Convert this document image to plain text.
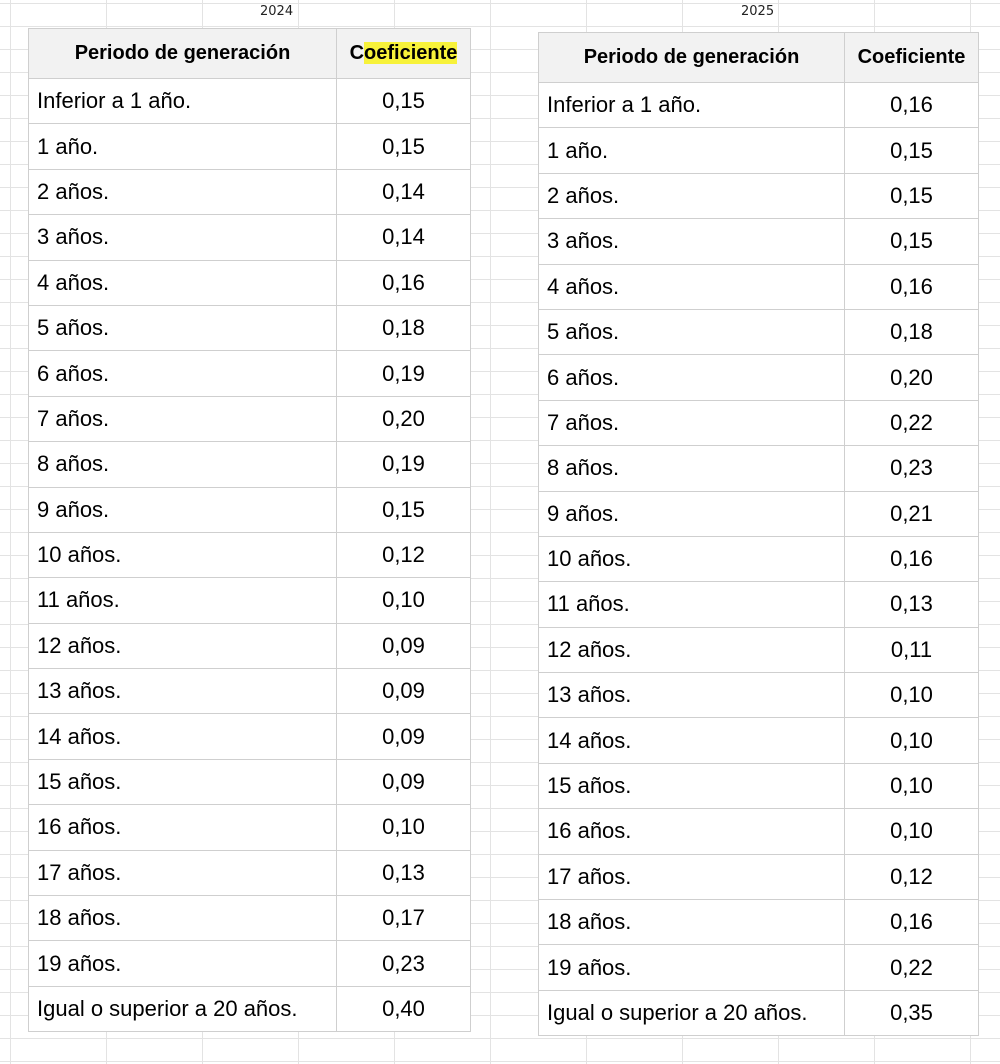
2024	2025
Periodo de generación	Coeficiente
Inferior a 1 año.	0,15
1 año.	0,15
2 años.	0,14
3 años.	0,14
4 años.	0,16
5 años.	0,18
6 años.	0,19
7 años.	0,20
8 años.	0,19
9 años.	0,15
10 años.	0,12
11 años.	0,10
12 años.	0,09
13 años.	0,09
14 años.	0,09
15 años.	0,09
16 años.	0,10
17 años.	0,13
18 años.	0,17
19 años.	0,23
Igual o superior a 20 años.	0,40
Periodo de generación	Coeficiente
Inferior a 1 año.	0,16
1 año.	0,15
2 años.	0,15
3 años.	0,15
4 años.	0,16
5 años.	0,18
6 años.	0,20
7 años.	0,22
8 años.	0,23
9 años.	0,21
10 años.	0,16
11 años.	0,13
12 años.	0,11
13 años.	0,10
14 años.	0,10
15 años.	0,10
16 años.	0,10
17 años.	0,12
18 años.	0,16
19 años.	0,22
Igual o superior a 20 años.	0,35
